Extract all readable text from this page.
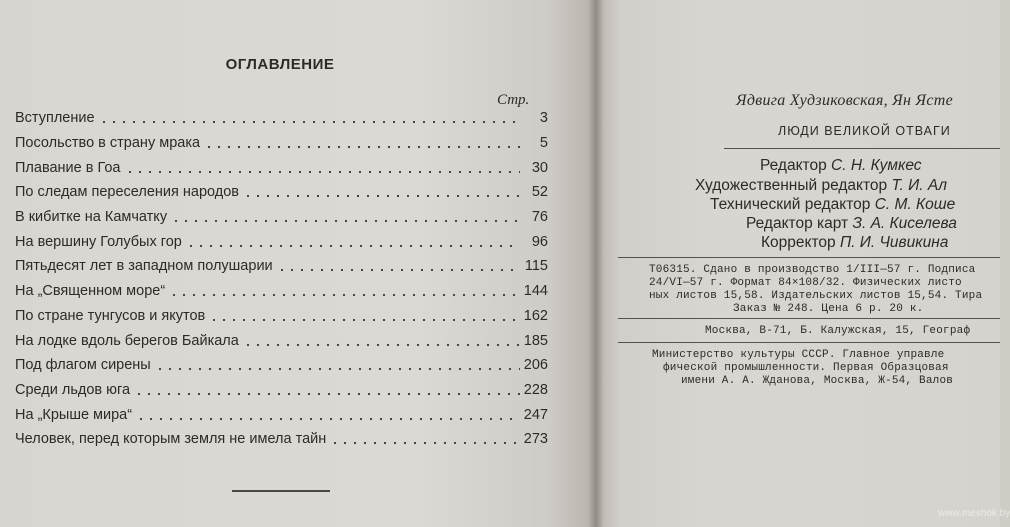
ОГЛАВЛЕНИЕ
Стр.
Вступление	3
Посольство в страну мрака	5
Плавание в Гоа	30
По следам переселения народов	52
В кибитке на Камчатку	76
На вершину Голубых гор	96
Пятьдесят лет в западном полушарии	115
На „Священном море“	144
По стране тунгусов и якутов	162
На лодке вдоль берегов Байкала	185
Под флагом сирены	206
Среди льдов юга	228
На „Крыше мира“	247
Человек, перед которым земля не имела тайн	273
Ядвига Худзиковская, Ян Ясте
ЛЮДИ ВЕЛИКОЙ ОТВАГИ
Редактор С. Н. Кумкес
Художественный редактор Т. И. Ал
Технический редактор С. М. Коше
Редактор карт З. А. Киселева
Корректор П. И. Чивикина
Т06315. Сдано в производство 1/III—57 г. Подписа
24/VI—57 г. Формат 84×108/32. Физических листо
ных листов 15,58. Издательских листов 15,54. Тира
Заказ № 248. Цена 6 р. 20 к.
Москва, В-71, Б. Калужская, 15, Географ
Министерство культуры СССР. Главное управле
фической промышленности. Первая Образцовая
имени А. А. Жданова, Москва, Ж-54, Валов
www.meshok.by
